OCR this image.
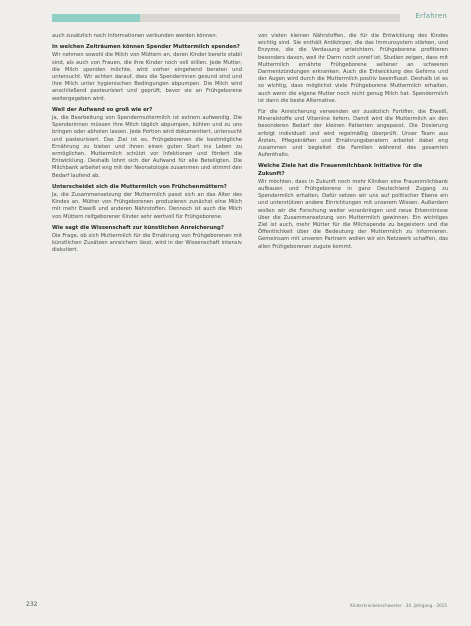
Erfahren

auch zusätzlich noch Informationen verbunden werden können.

In welchen Zeiträumen können Spender Muttermilch spenden?

Wir nehmen sowohl die Milch von Müttern an, deren Kinder bereits stabil sind, als auch von Frauen, die ihre Kinder noch voll stillen. Jede Mutter, die Milch spenden möchte, wird vorher eingehend beraten und untersucht. Wir achten darauf, dass die Spenderinnen gesund sind und ihre Milch unter hygienischen Bedingungen abpumpen. Die Milch wird anschließend pasteurisiert und geprüft, bevor sie an Frühgeborene weitergegeben wird.

Weil der Aufwand so groß wie er?

Ja, die Bearbeitung von Spendermuttermilch ist extrem aufwendig. Die Spenderinnen müssen ihre Milch täglich abpumpen, kühlen und zu uns bringen oder abholen lassen. Jede Portion wird dokumentiert, untersucht und pasteurisiert. Das Ziel ist es, Frühgeborenen die bestmögliche Ernährung zu bieten und ihnen einen guten Start ins Leben zu ermöglichen. Muttermilch schützt vor Infektionen und fördert die Entwicklung. Deshalb lohnt sich der Aufwand für alle Beteiligten. Die Milchbank arbeitet eng mit der Neonatologie zusammen und stimmt den Bedarf laufend ab.

Unterscheidet sich die Muttermilch von Frühchenmüttern?

Ja, die Zusammensetzung der Muttermilch passt sich an das Alter des Kindes an. Mütter von Frühgeborenen produzieren zunächst eine Milch mit mehr Eiweiß und anderen Nährstoffen. Dennoch ist auch die Milch von Müttern reifgeborener Kinder sehr wertvoll für Frühgeborene.

Wie sagt die Wissenschaft zur künstlichen Anreicherung?

Die Frage, ob sich Muttermilch für die Ernährung von Frühgeborenen mit künstlichen Zusätzen anreichern lässt, wird in der Wissenschaft intensiv diskutiert.

von vielen kleinen Nährstoffen, die für die Entwicklung des Kindes wichtig sind. Sie enthält Antikörper, die das Immunsystem stärken, und Enzyme, die die Verdauung erleichtern. Frühgeborene profitieren besonders davon, weil ihr Darm noch unreif ist. Studien zeigen, dass mit Muttermilch ernährte Frühgeborene seltener an schweren Darmentzündungen erkranken. Auch die Entwicklung des Gehirns und der Augen wird durch die Muttermilch positiv beeinflusst. Deshalb ist es so wichtig, dass möglichst viele Frühgeborene Muttermilch erhalten, auch wenn die eigene Mutter noch nicht genug Milch hat. Spendermilch ist dann die beste Alternative.

Für die Anreicherung verwenden wir zusätzlich Fortifier, die Eiweiß, Mineralstoffe und Vitamine liefern. Damit wird die Muttermilch an den besonderen Bedarf der kleinen Patienten angepasst. Die Dosierung erfolgt individuell und wird regelmäßig überprüft. Unser Team aus Ärzten, Pflegekräften und Ernährungsberatern arbeitet dabei eng zusammen und begleitet die Familien während des gesamten Aufenthalts.

Welche Ziele hat die Frauenmilchbank Initiative für die Zukunft?

Wir möchten, dass in Zukunft noch mehr Kliniken eine Frauenmilchbank aufbauen und Frühgeborene in ganz Deutschland Zugang zu Spendermilch erhalten. Dafür setzen wir uns auf politischer Ebene ein und unterstützen andere Einrichtungen mit unserem Wissen. Außerdem wollen wir die Forschung weiter voranbringen und neue Erkenntnisse über die Zusammensetzung von Muttermilch gewinnen. Ein wichtiges Ziel ist auch, mehr Mütter für die Milchspende zu begeistern und die Öffentlichkeit über die Bedeutung der Muttermilch zu informieren. Gemeinsam mit unseren Partnern wollen wir ein Netzwerk schaffen, das allen Frühgeborenen zugute kommt.

232	Kinderkrankenschwester · 34. Jahrgang · 2015
